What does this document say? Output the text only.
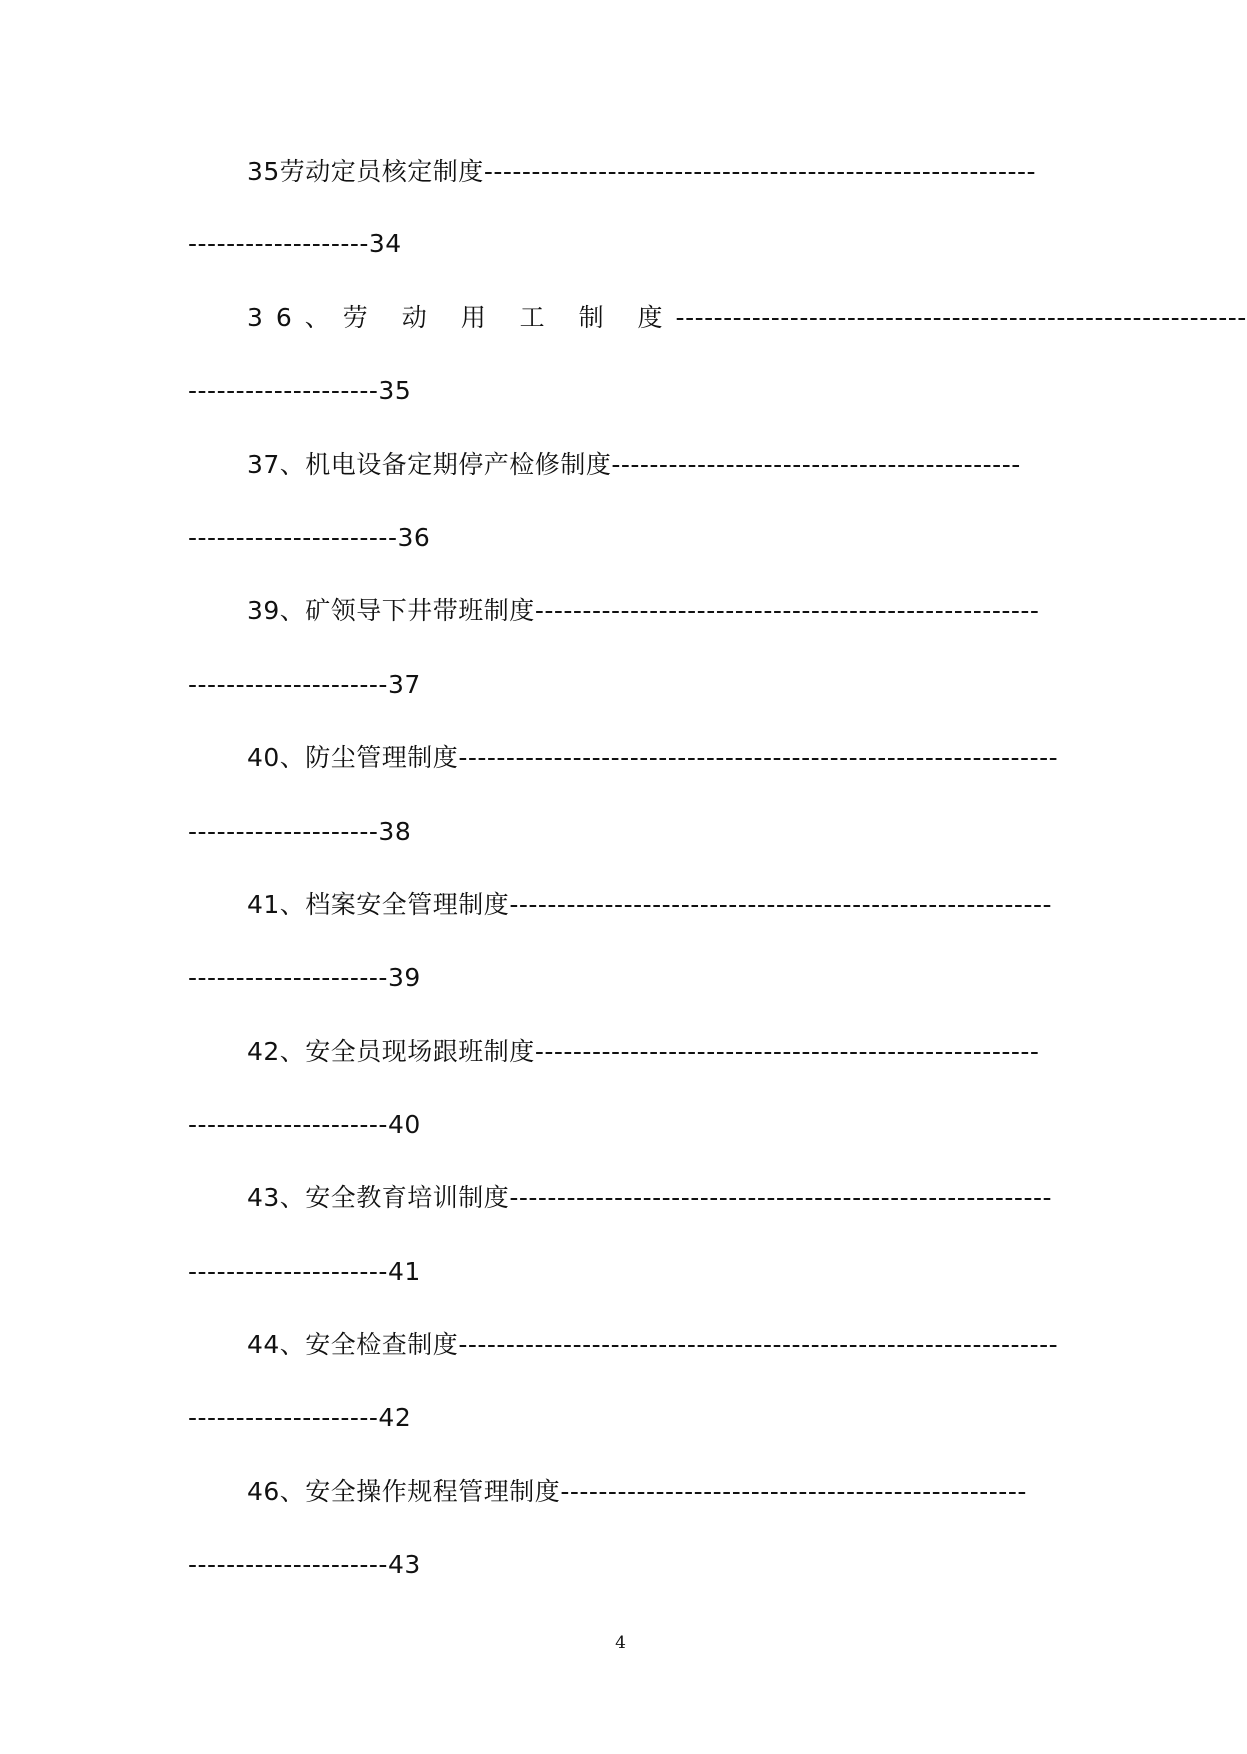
35劳动定员核定制度----------------------------------------------------------
-------------------34
36、劳 动 用 工 制 度------------------------------------------------------------
--------------------35
37、机电设备定期停产检修制度-------------------------------------------
----------------------36
39、矿领导下井带班制度-----------------------------------------------------
---------------------37
40、防尘管理制度---------------------------------------------------------------
--------------------38
41、档案安全管理制度---------------------------------------------------------
---------------------39
42、安全员现场跟班制度-----------------------------------------------------
---------------------40
43、安全教育培训制度---------------------------------------------------------
---------------------41
44、安全检查制度---------------------------------------------------------------
--------------------42
46、安全操作规程管理制度-------------------------------------------------
---------------------43
4
